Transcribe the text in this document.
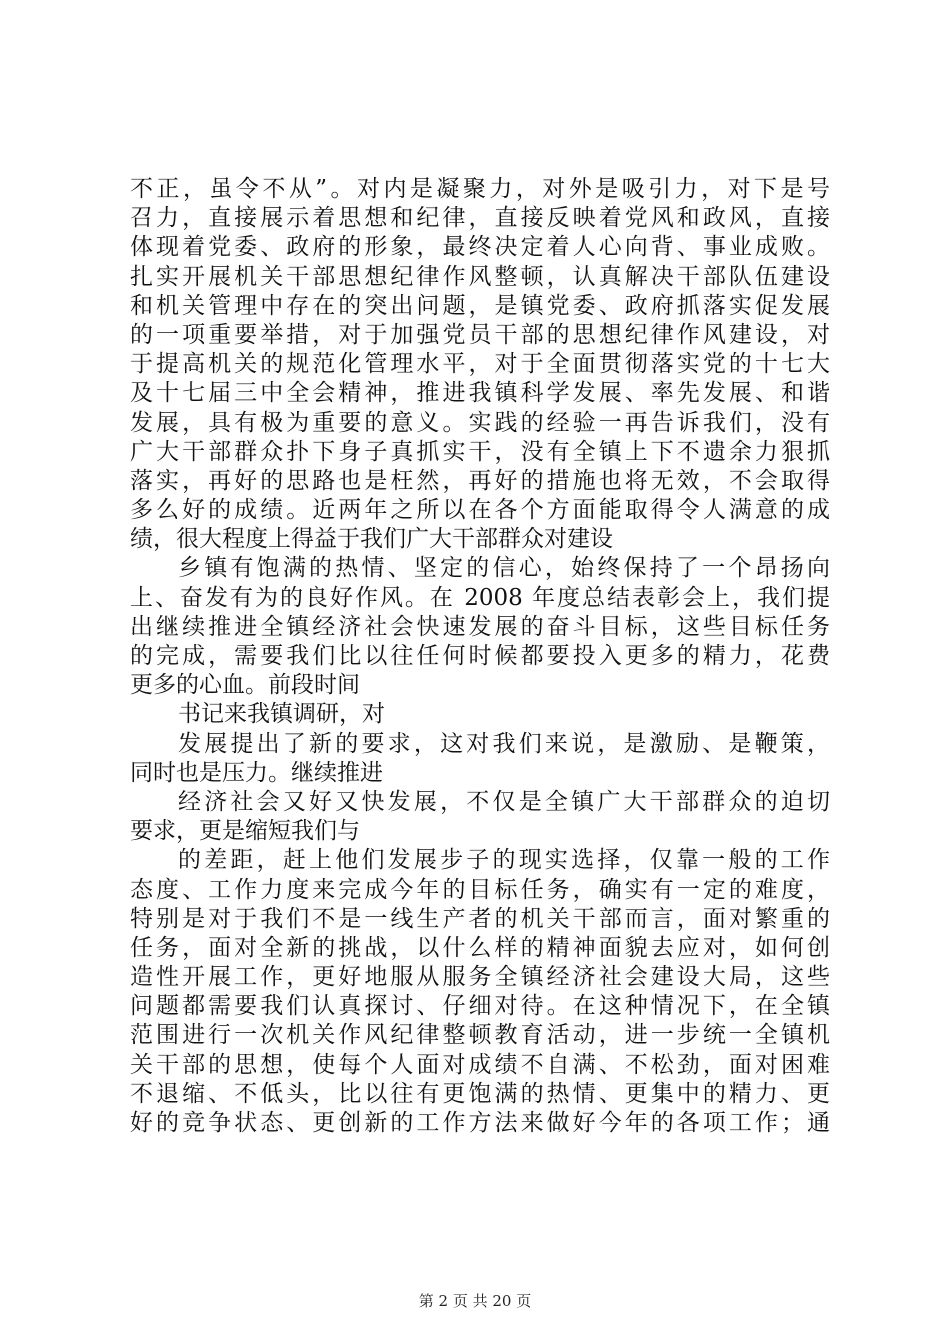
不正，虽令不从”。对内是凝聚力，对外是吸引力，对下是号
召力，直接展示着思想和纪律，直接反映着党风和政风，直接
体现着党委、政府的形象，最终决定着人心向背、事业成败。
扎实开展机关干部思想纪律作风整顿，认真解决干部队伍建设
和机关管理中存在的突出问题，是镇党委、政府抓落实促发展
的一项重要举措，对于加强党员干部的思想纪律作风建设，对
于提高机关的规范化管理水平，对于全面贯彻落实党的十七大
及十七届三中全会精神，推进我镇科学发展、率先发展、和谐
发展，具有极为重要的意义。实践的经验一再告诉我们，没有
广大干部群众扑下身子真抓实干，没有全镇上下不遗余力狠抓
落实，再好的思路也是枉然，再好的措施也将无效，不会取得
多么好的成绩。近两年之所以在各个方面能取得令人满意的成
绩，很大程度上得益于我们广大干部群众对建设
乡镇有饱满的热情、坚定的信心，始终保持了一个昂扬向
上、奋发有为的良好作风。在 2008 年度总结表彰会上，我们提
出继续推进全镇经济社会快速发展的奋斗目标，这些目标任务
的完成，需要我们比以往任何时候都要投入更多的精力，花费
更多的心血。前段时间
书记来我镇调研，对
发展提出了新的要求，这对我们来说，是激励、是鞭策，
同时也是压力。继续推进
经济社会又好又快发展，不仅是全镇广大干部群众的迫切
要求，更是缩短我们与
的差距，赶上他们发展步子的现实选择，仅靠一般的工作
态度、工作力度来完成今年的目标任务，确实有一定的难度，
特别是对于我们不是一线生产者的机关干部而言，面对繁重的
任务，面对全新的挑战，以什么样的精神面貌去应对，如何创
造性开展工作，更好地服从服务全镇经济社会建设大局，这些
问题都需要我们认真探讨、仔细对待。在这种情况下，在全镇
范围进行一次机关作风纪律整顿教育活动，进一步统一全镇机
关干部的思想，使每个人面对成绩不自满、不松劲，面对困难
不退缩、不低头，比以往有更饱满的热情、更集中的精力、更
好的竞争状态、更创新的工作方法来做好今年的各项工作；通
第 2 页 共 20 页
